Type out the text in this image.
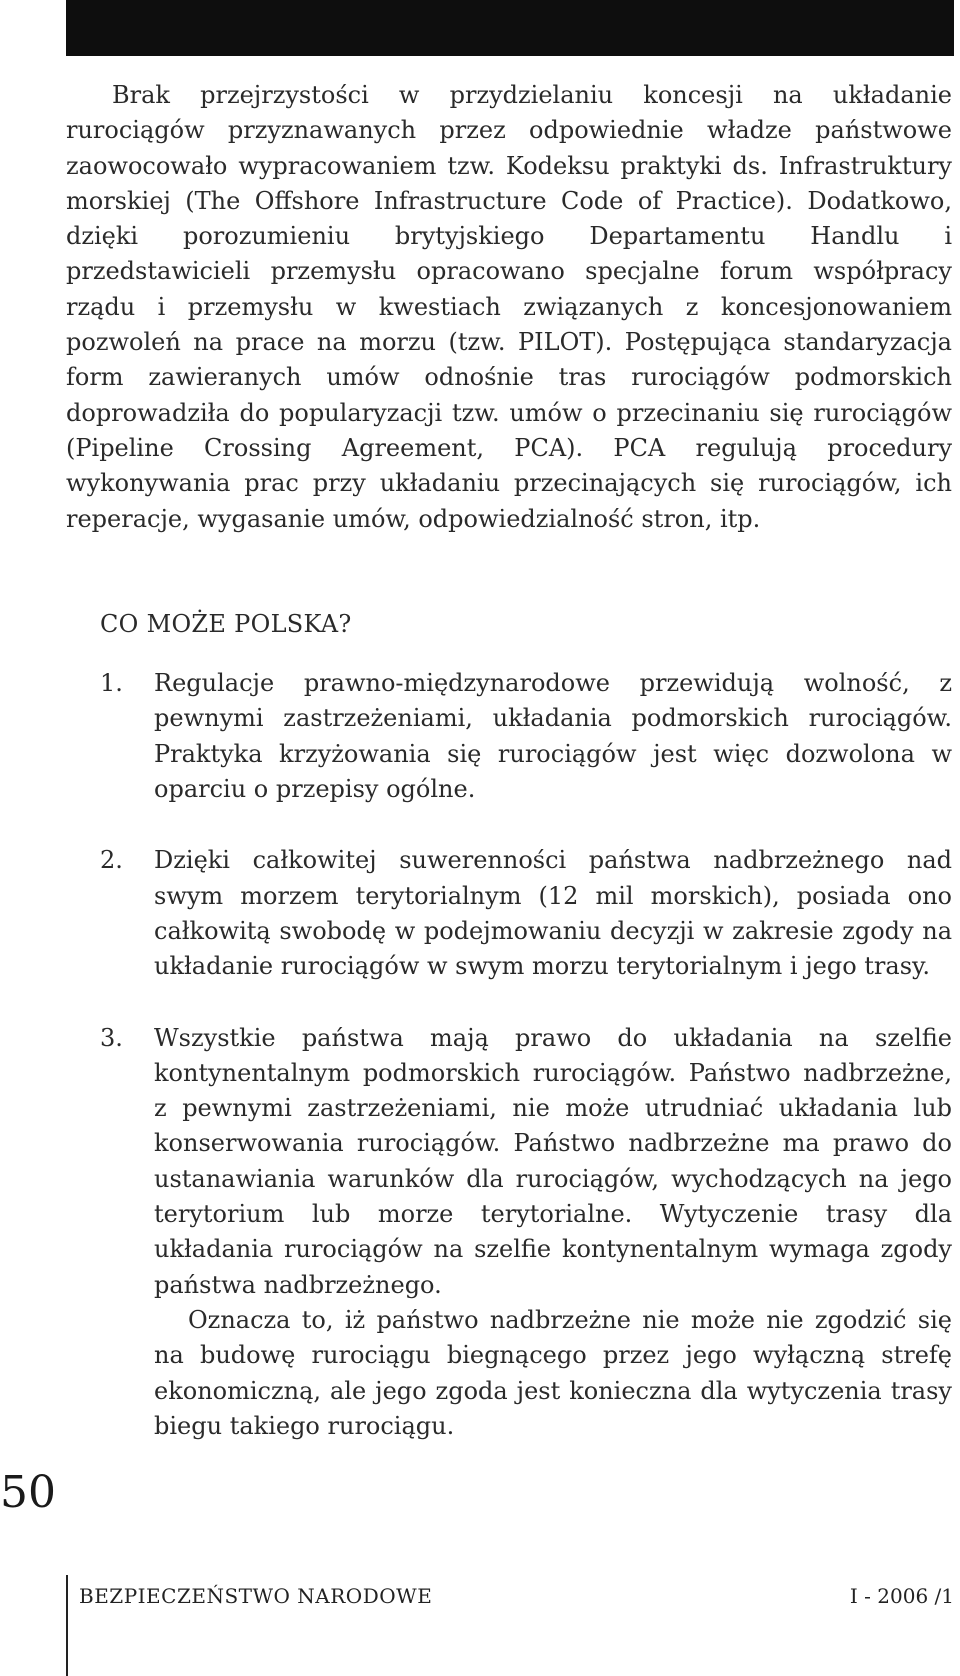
Brak przejrzystości w przydzielaniu koncesji na układanie rurociągów przyznawanych przez odpowiednie władze państwowe zaowocowało wypracowaniem tzw. Kodeksu praktyki ds. Infrastruktury morskiej (The Offshore Infrastructure Code of Practice). Dodatkowo, dzięki porozumieniu brytyjskiego Departamentu Handlu i przedstawicieli przemysłu opracowano specjalne forum współpracy rządu i przemysłu w kwestiach związanych z koncesjonowaniem pozwoleń na prace na morzu (tzw. PILOT). Postępująca standaryzacja form zawieranych umów odnośnie tras rurociągów podmorskich doprowadziła do popularyzacji tzw. umów o przecinaniu się rurociągów (Pipeline Crossing Agreement, PCA). PCA regulują procedury wykonywania prac przy układaniu przecinających się rurociągów, ich reperacje, wygasanie umów, odpowiedzialność stron, itp.

CO MOŻE POLSKA?
1.	Regulacje prawno-międzynarodowe przewidują wolność, z pewnymi zastrzeżeniami, układania podmorskich rurociągów. Praktyka krzyżowania się rurociągów jest więc dozwolona w oparciu o przepisy ogólne.

2.	Dzięki całkowitej suwerenności państwa nadbrzeżnego nad swym morzem terytorialnym (12 mil morskich), posiada ono całkowitą swobodę w podejmowaniu decyzji w zakresie zgody na układanie rurociągów w swym morzu terytorialnym i jego trasy.

3.	Wszystkie państwa mają prawo do układania na szelfie kontynentalnym podmorskich rurociągów. Państwo nadbrzeżne, z pewnymi zastrzeżeniami, nie może utrudniać układania lub konserwowania rurociągów. Państwo nadbrzeżne ma prawo do ustanawiania warunków dla rurociągów, wychodzących na jego terytorium lub morze terytorialne. Wytyczenie trasy dla układania rurociągów na szelfie kontynentalnym wymaga zgody państwa nadbrzeżnego.

Oznacza to, iż państwo nadbrzeżne nie może nie zgodzić się na budowę rurociągu biegnącego przez jego wyłączną strefę ekonomiczną, ale jego zgoda jest konieczna dla wytyczenia trasy biegu takiego rurociągu.

50
BEZPIECZEŃSTWO NARODOWE	I - 2006 /1
